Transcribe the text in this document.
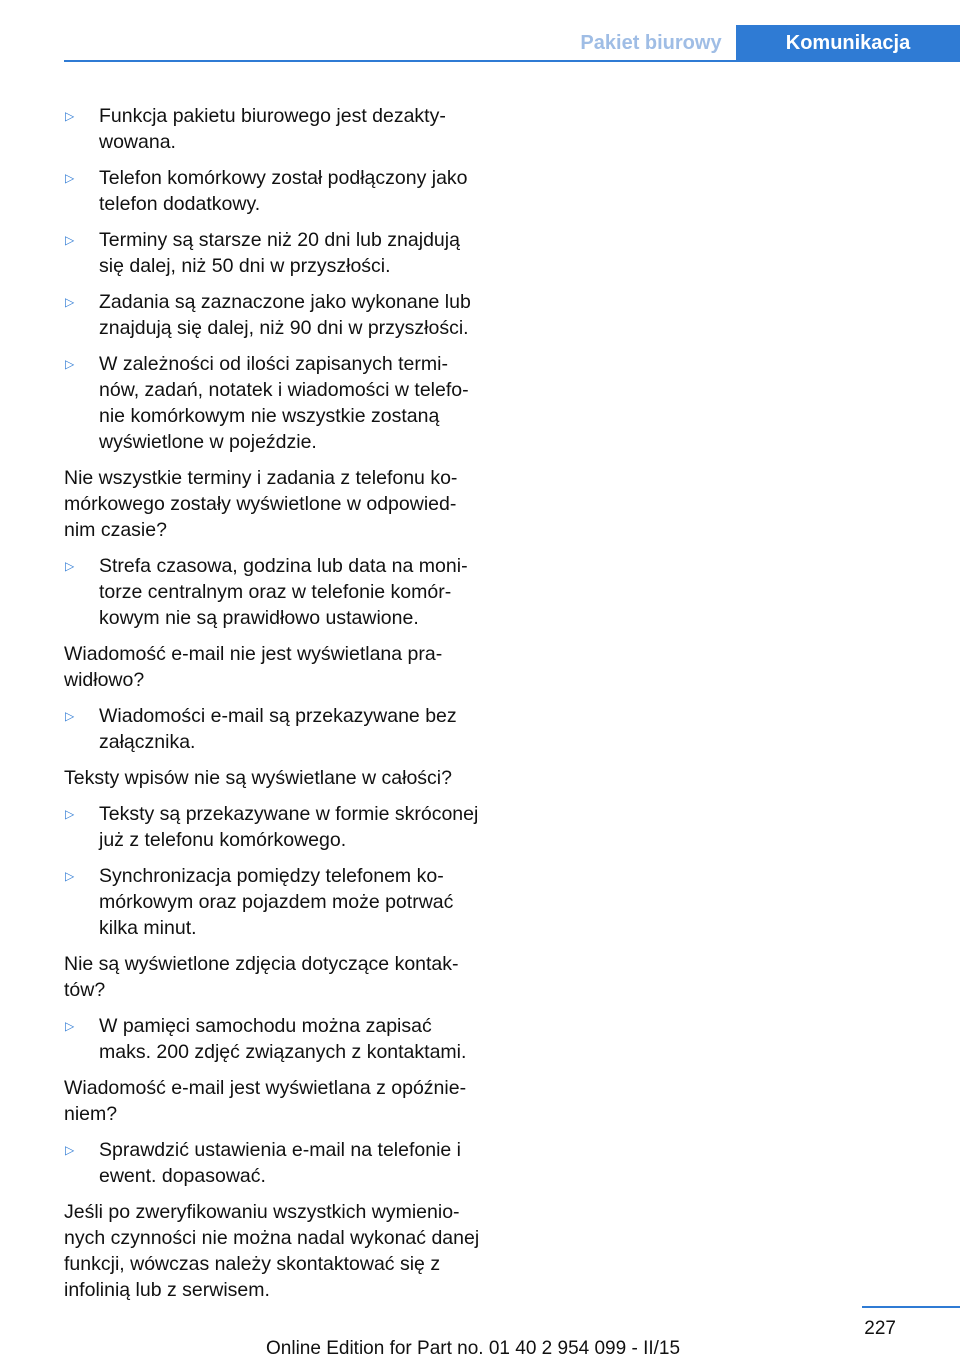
Pakiet biurowy	Komunikacja
▷	Funkcja pakietu biurowego jest dezaktywowana.
▷	Telefon komórkowy został podłączony jako telefon dodatkowy.
▷	Terminy są starsze niż 20 dni lub znajdują się dalej, niż 50 dni w przyszłości.
▷	Zadania są zaznaczone jako wykonane lub znajdują się dalej, niż 90 dni w przyszłości.
▷	W zależności od ilości zapisanych terminów, zadań, notatek i wiadomości w telefonie komórkowym nie wszystkie zostaną wyświetlone w pojeździe.

Nie wszystkie terminy i zadania z telefonu komórkowego zostały wyświetlone w odpowiednim czasie?

▷	Strefa czasowa, godzina lub data na monitorze centralnym oraz w telefonie komórkowym nie są prawidłowo ustawione.

Wiadomość e-mail nie jest wyświetlana prawidłowo?

▷	Wiadomości e-mail są przekazywane bez załącznika.

Teksty wpisów nie są wyświetlane w całości?

▷	Teksty są przekazywane w formie skróconej już z telefonu komórkowego.
▷	Synchronizacja pomiędzy telefonem komórkowym oraz pojazdem może potrwać kilka minut.

Nie są wyświetlone zdjęcia dotyczące kontaktów?

▷	W pamięci samochodu można zapisać maks. 200 zdjęć związanych z kontaktami.

Wiadomość e-mail jest wyświetlana z opóźnieniem?

▷	Sprawdzić ustawienia e-mail na telefonie i ewent. dopasować.

Jeśli po zweryfikowaniu wszystkich wymienionych czynności nie można nadal wykonać danej funkcji, wówczas należy skontaktować się z infolinią lub z serwisem.

227
Online Edition for Part no. 01 40 2 954 099 - II/15
